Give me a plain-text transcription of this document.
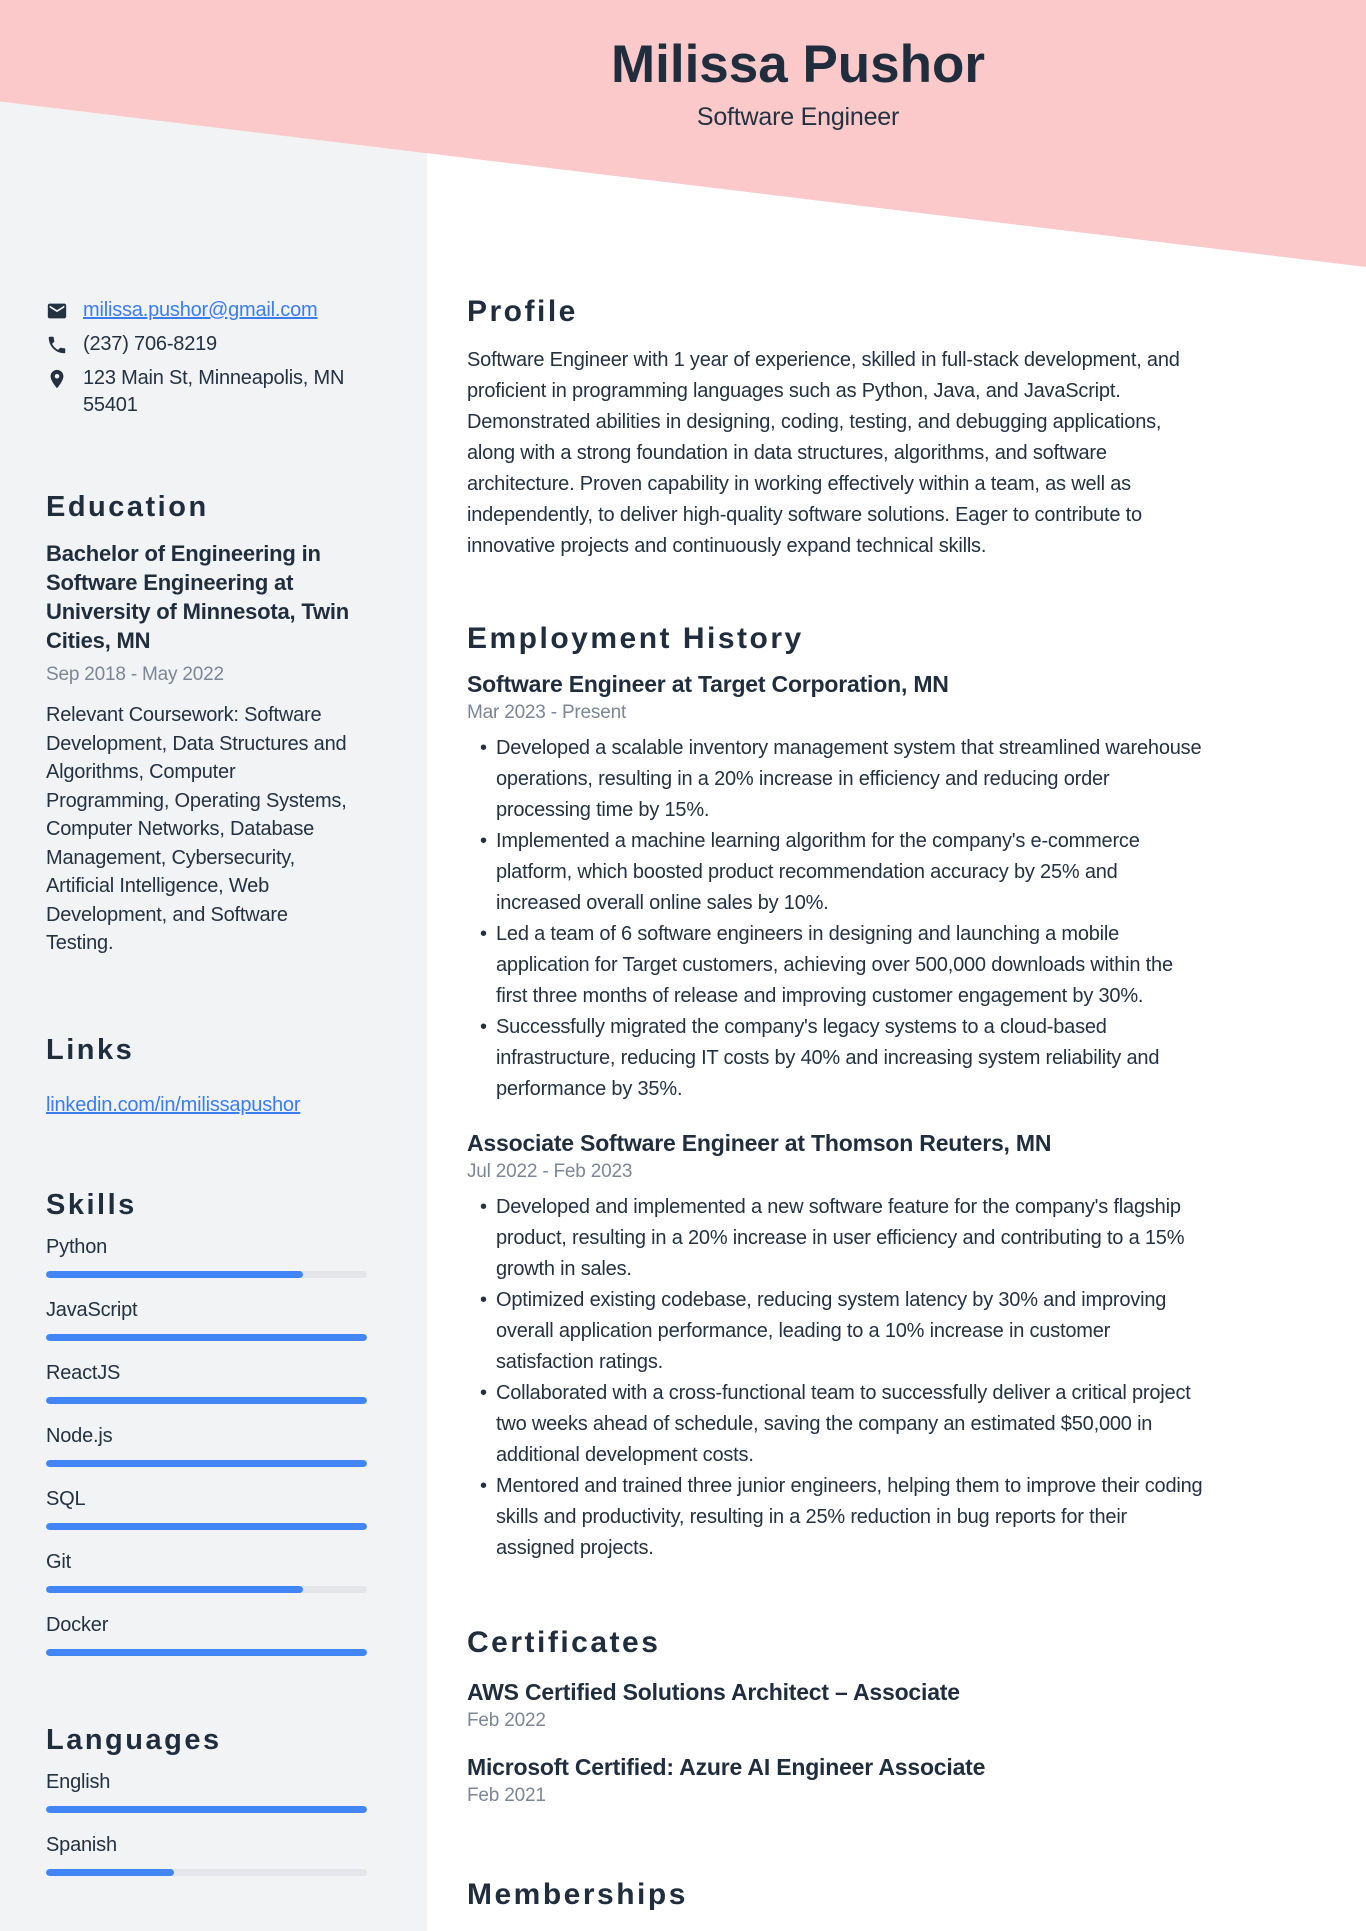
milissa.pushor@gmail.com
(237) 706-8219
123 Main St, Minneapolis, MN 55401
Education
Bachelor of Engineering in Software Engineering at University of Minnesota, Twin Cities, MN
Sep 2018 - May 2022
Relevant Coursework: Software Development, Data Structures and Algorithms, Computer Programming, Operating Systems, Computer Networks, Database Management, Cybersecurity, Artificial Intelligence, Web Development, and Software Testing.
Links
linkedin.com/in/milissapushor
Skills
Python
JavaScript
ReactJS
Node.js
SQL
Git
Docker
Languages
English
Spanish
Milissa Pushor
Software Engineer
Profile
Software Engineer with 1 year of experience, skilled in full-stack development, and proficient in programming languages such as Python, Java, and JavaScript. Demonstrated abilities in designing, coding, testing, and debugging applications, along with a strong foundation in data structures, algorithms, and software architecture. Proven capability in working effectively within a team, as well as independently, to deliver high-quality software solutions. Eager to contribute to innovative projects and continuously expand technical skills.
Employment History
Software Engineer at Target Corporation, MN
Mar 2023 - Present
• Developed a scalable inventory management system that streamlined warehouse operations, resulting in a 20% increase in efficiency and reducing order processing time by 15%.
• Implemented a machine learning algorithm for the company's e-commerce platform, which boosted product recommendation accuracy by 25% and increased overall online sales by 10%.
• Led a team of 6 software engineers in designing and launching a mobile application for Target customers, achieving over 500,000 downloads within the first three months of release and improving customer engagement by 30%.
• Successfully migrated the company's legacy systems to a cloud-based infrastructure, reducing IT costs by 40% and increasing system reliability and performance by 35%.
Associate Software Engineer at Thomson Reuters, MN
Jul 2022 - Feb 2023
• Developed and implemented a new software feature for the company's flagship product, resulting in a 20% increase in user efficiency and contributing to a 15% growth in sales.
• Optimized existing codebase, reducing system latency by 30% and improving overall application performance, leading to a 10% increase in customer satisfaction ratings.
• Collaborated with a cross-functional team to successfully deliver a critical project two weeks ahead of schedule, saving the company an estimated $50,000 in additional development costs.
• Mentored and trained three junior engineers, helping them to improve their coding skills and productivity, resulting in a 25% reduction in bug reports for their assigned projects.
Certificates
AWS Certified Solutions Architect – Associate
Feb 2022
Microsoft Certified: Azure AI Engineer Associate
Feb 2021
Memberships
